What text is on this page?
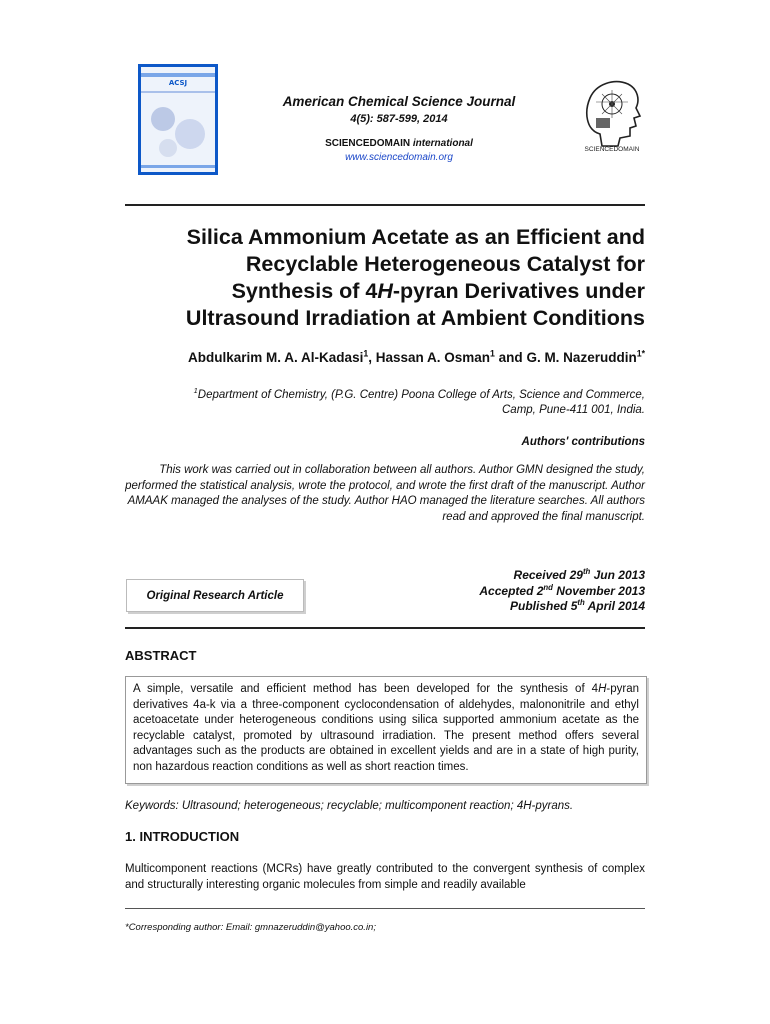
ACSJ
American Chemical Science Journal
4(5): 587-599, 2014
SCIENCEDOMAIN international
www.sciencedomain.org
SCIENCEDOMAIN
Silica Ammonium Acetate as an Efficient and
Recyclable Heterogeneous Catalyst for
Synthesis of 4H-pyran Derivatives under
Ultrasound Irradiation at Ambient Conditions
Abdulkarim M. A. Al-Kadasi$^1$, Hassan A. Osman$^1$ and G. M. Nazeruddin$^{1*}$
$^1$Department of Chemistry, (P.G. Centre) Poona College of Arts, Science and Commerce,
Camp, Pune-411 001, India.
Authors' contributions
This work was carried out in collaboration between all authors. Author GMN designed the study, performed the statistical analysis, wrote the protocol, and wrote the first draft of the manuscript. Author AMAAK managed the analyses of the study. Author HAO managed the literature searches. All authors read and approved the final manuscript.
Original Research Article
Received 29th Jun 2013
Accepted 2nd November 2013
Published 5th April 2014
ABSTRACT
A simple, versatile and efficient method has been developed for the synthesis of 4H-pyran derivatives 4a-k via a three-component cyclocondensation of aldehydes, malononitrile and ethyl acetoacetate under heterogeneous conditions using silica supported ammonium acetate as the recyclable catalyst, promoted by ultrasound irradiation. The present method offers several advantages such as the products are obtained in excellent yields and are in a state of high purity, non hazardous reaction conditions as well as short reaction times.
Keywords: Ultrasound; heterogeneous; recyclable; multicomponent reaction; 4H-pyrans.
1. INTRODUCTION
Multicomponent reactions (MCRs) have greatly contributed to the convergent synthesis of complex and structurally interesting organic molecules from simple and readily available
*Corresponding author: Email: gmnazeruddin@yahoo.co.in;
